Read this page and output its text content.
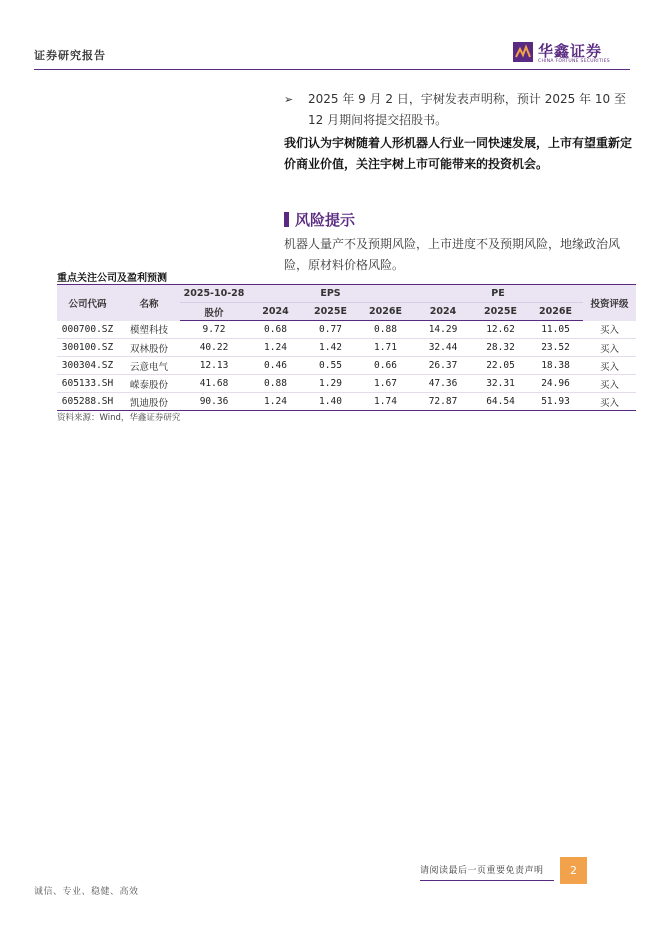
证券研究报告	华鑫证券
CHINA FORTUNE SECURITIES
➢ 2025 年 9 月 2 日，宇树发表声明称，预计 2025 年 10 至 12 月期间将提交招股书。
我们认为宇树随着人形机器人行业一同快速发展，上市有望重新定价商业价值，关注宇树上市可能带来的投资机会。
风险提示
机器人量产不及预期风险，上市进度不及预期风险，地缘政治风险，原材料价格风险。
重点关注公司及盈利预测
公司代码	名称	2025-10-28	EPS			PE			投资评级
		股价	2024	2025E	2026E	2024	2025E	2026E	
000700.SZ	模塑科技	9.72	0.68	0.77	0.88	14.29	12.62	11.05	买入
300100.SZ	双林股份	40.22	1.24	1.42	1.71	32.44	28.32	23.52	买入
300304.SZ	云意电气	12.13	0.46	0.55	0.66	26.37	22.05	18.38	买入
605133.SH	嵘泰股份	41.68	0.88	1.29	1.67	47.36	32.31	24.96	买入
605288.SH	凯迪股份	90.36	1.24	1.40	1.74	72.87	64.54	51.93	买入
资料来源：Wind，华鑫证券研究
请阅读最后一页重要免责声明	2
诚信、专业、稳健、高效
